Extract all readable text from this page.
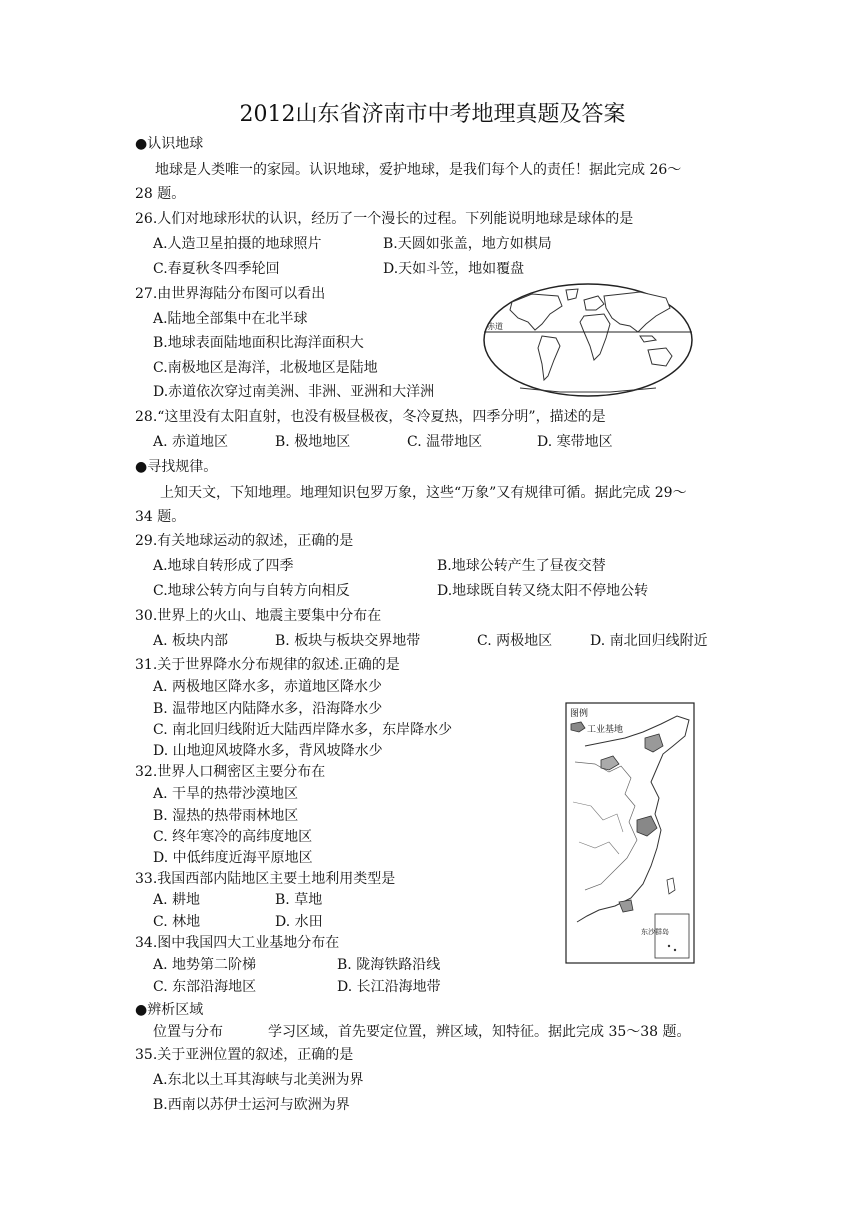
2012山东省济南市中考地理真题及答案
●认识地球
地球是人类唯一的家园。认识地球，爱护地球，是我们每个人的责任！据此完成 26～
28 题。
26.人们对地球形状的认识，经历了一个漫长的过程。下列能说明地球是球体的是
A.人造卫星拍摄的地球照片	B.天圆如张盖，地方如棋局
C.春夏秋冬四季轮回	D.天如斗笠，地如覆盘
27.由世界海陆分布图可以看出
A.陆地全部集中在北半球
B.地球表面陆地面积比海洋面积大
C.南极地区是海洋，北极地区是陆地
D.赤道依次穿过南美洲、非洲、亚洲和大洋洲
赤道
28.“这里没有太阳直射，也没有极昼极夜，冬冷夏热，四季分明”，描述的是
A. 赤道地区	B. 极地地区	C. 温带地区	D. 寒带地区
●寻找规律。
上知天文，下知地理。地理知识包罗万象，这些“万象”又有规律可循。据此完成 29～
34 题。
29.有关地球运动的叙述，正确的是
A.地球自转形成了四季	B.地球公转产生了昼夜交替
C.地球公转方向与自转方向相反	D.地球既自转又绕太阳不停地公转
30.世界上的火山、地震主要集中分布在
A. 板块内部	B. 板块与板块交界地带	C. 两极地区	D. 南北回归线附近
31.关于世界降水分布规律的叙述.正确的是
A. 两极地区降水多，赤道地区降水少
B. 温带地区内陆降水多，沿海降水少
C. 南北回归线附近大陆西岸降水多，东岸降水少
D. 山地迎风坡降水多，背风坡降水少
32.世界人口稠密区主要分布在
A. 干旱的热带沙漠地区
B. 湿热的热带雨林地区
C. 终年寒冷的高纬度地区
D. 中低纬度近海平原地区
33.我国西部内陆地区主要土地利用类型是
A. 耕地	B. 草地
C. 林地	D. 水田
34.图中我国四大工业基地分布在
A. 地势第二阶梯	B. 陇海铁路沿线
C. 东部沿海地区	D. 长江沿海地带
图例
工业基地
东沙群岛
●辨析区域
位置与分布	学习区域，首先要定位置，辨区域，知特征。据此完成 35～38 题。
35.关于亚洲位置的叙述，正确的是
A.东北以土耳其海峡与北美洲为界
B.西南以苏伊士运河与欧洲为界
